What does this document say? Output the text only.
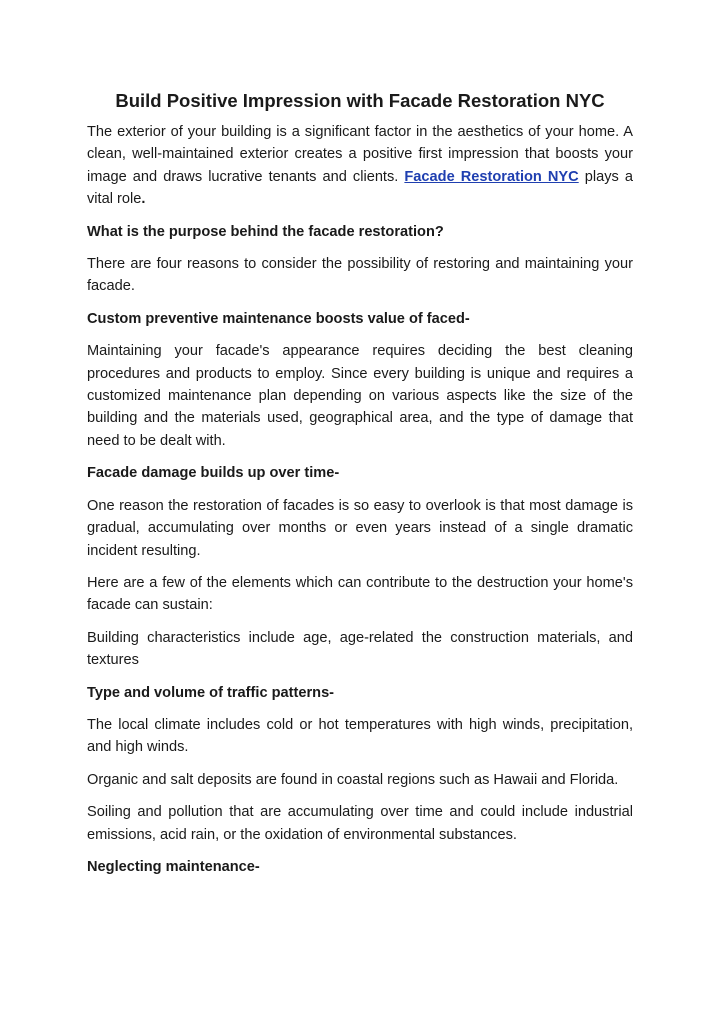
Build Positive Impression with Facade Restoration NYC

The exterior of your building is a significant factor in the aesthetics of your home. A clean, well-maintained exterior creates a positive first impression that boosts your image and draws lucrative tenants and clients. Facade Restoration NYC plays a vital role.

What is the purpose behind the facade restoration?

There are four reasons to consider the possibility of restoring and maintaining your facade.

Custom preventive maintenance boosts value of faced-

Maintaining your facade's appearance requires deciding the best cleaning procedures and products to employ. Since every building is unique and requires a customized maintenance plan depending on various aspects like the size of the building and the materials used, geographical area, and the type of damage that need to be dealt with.

Facade damage builds up over time-

One reason the restoration of facades is so easy to overlook is that most damage is gradual, accumulating over months or even years instead of a single dramatic incident resulting.

Here are a few of the elements which can contribute to the destruction your home's facade can sustain:

Building characteristics include age, age-related the construction materials, and textures

Type and volume of traffic patterns-

The local climate includes cold or hot temperatures with high winds, precipitation, and high winds.

Organic and salt deposits are found in coastal regions such as Hawaii and Florida.

Soiling and pollution that are accumulating over time and could include industrial emissions, acid rain, or the oxidation of environmental substances.

Neglecting maintenance-
